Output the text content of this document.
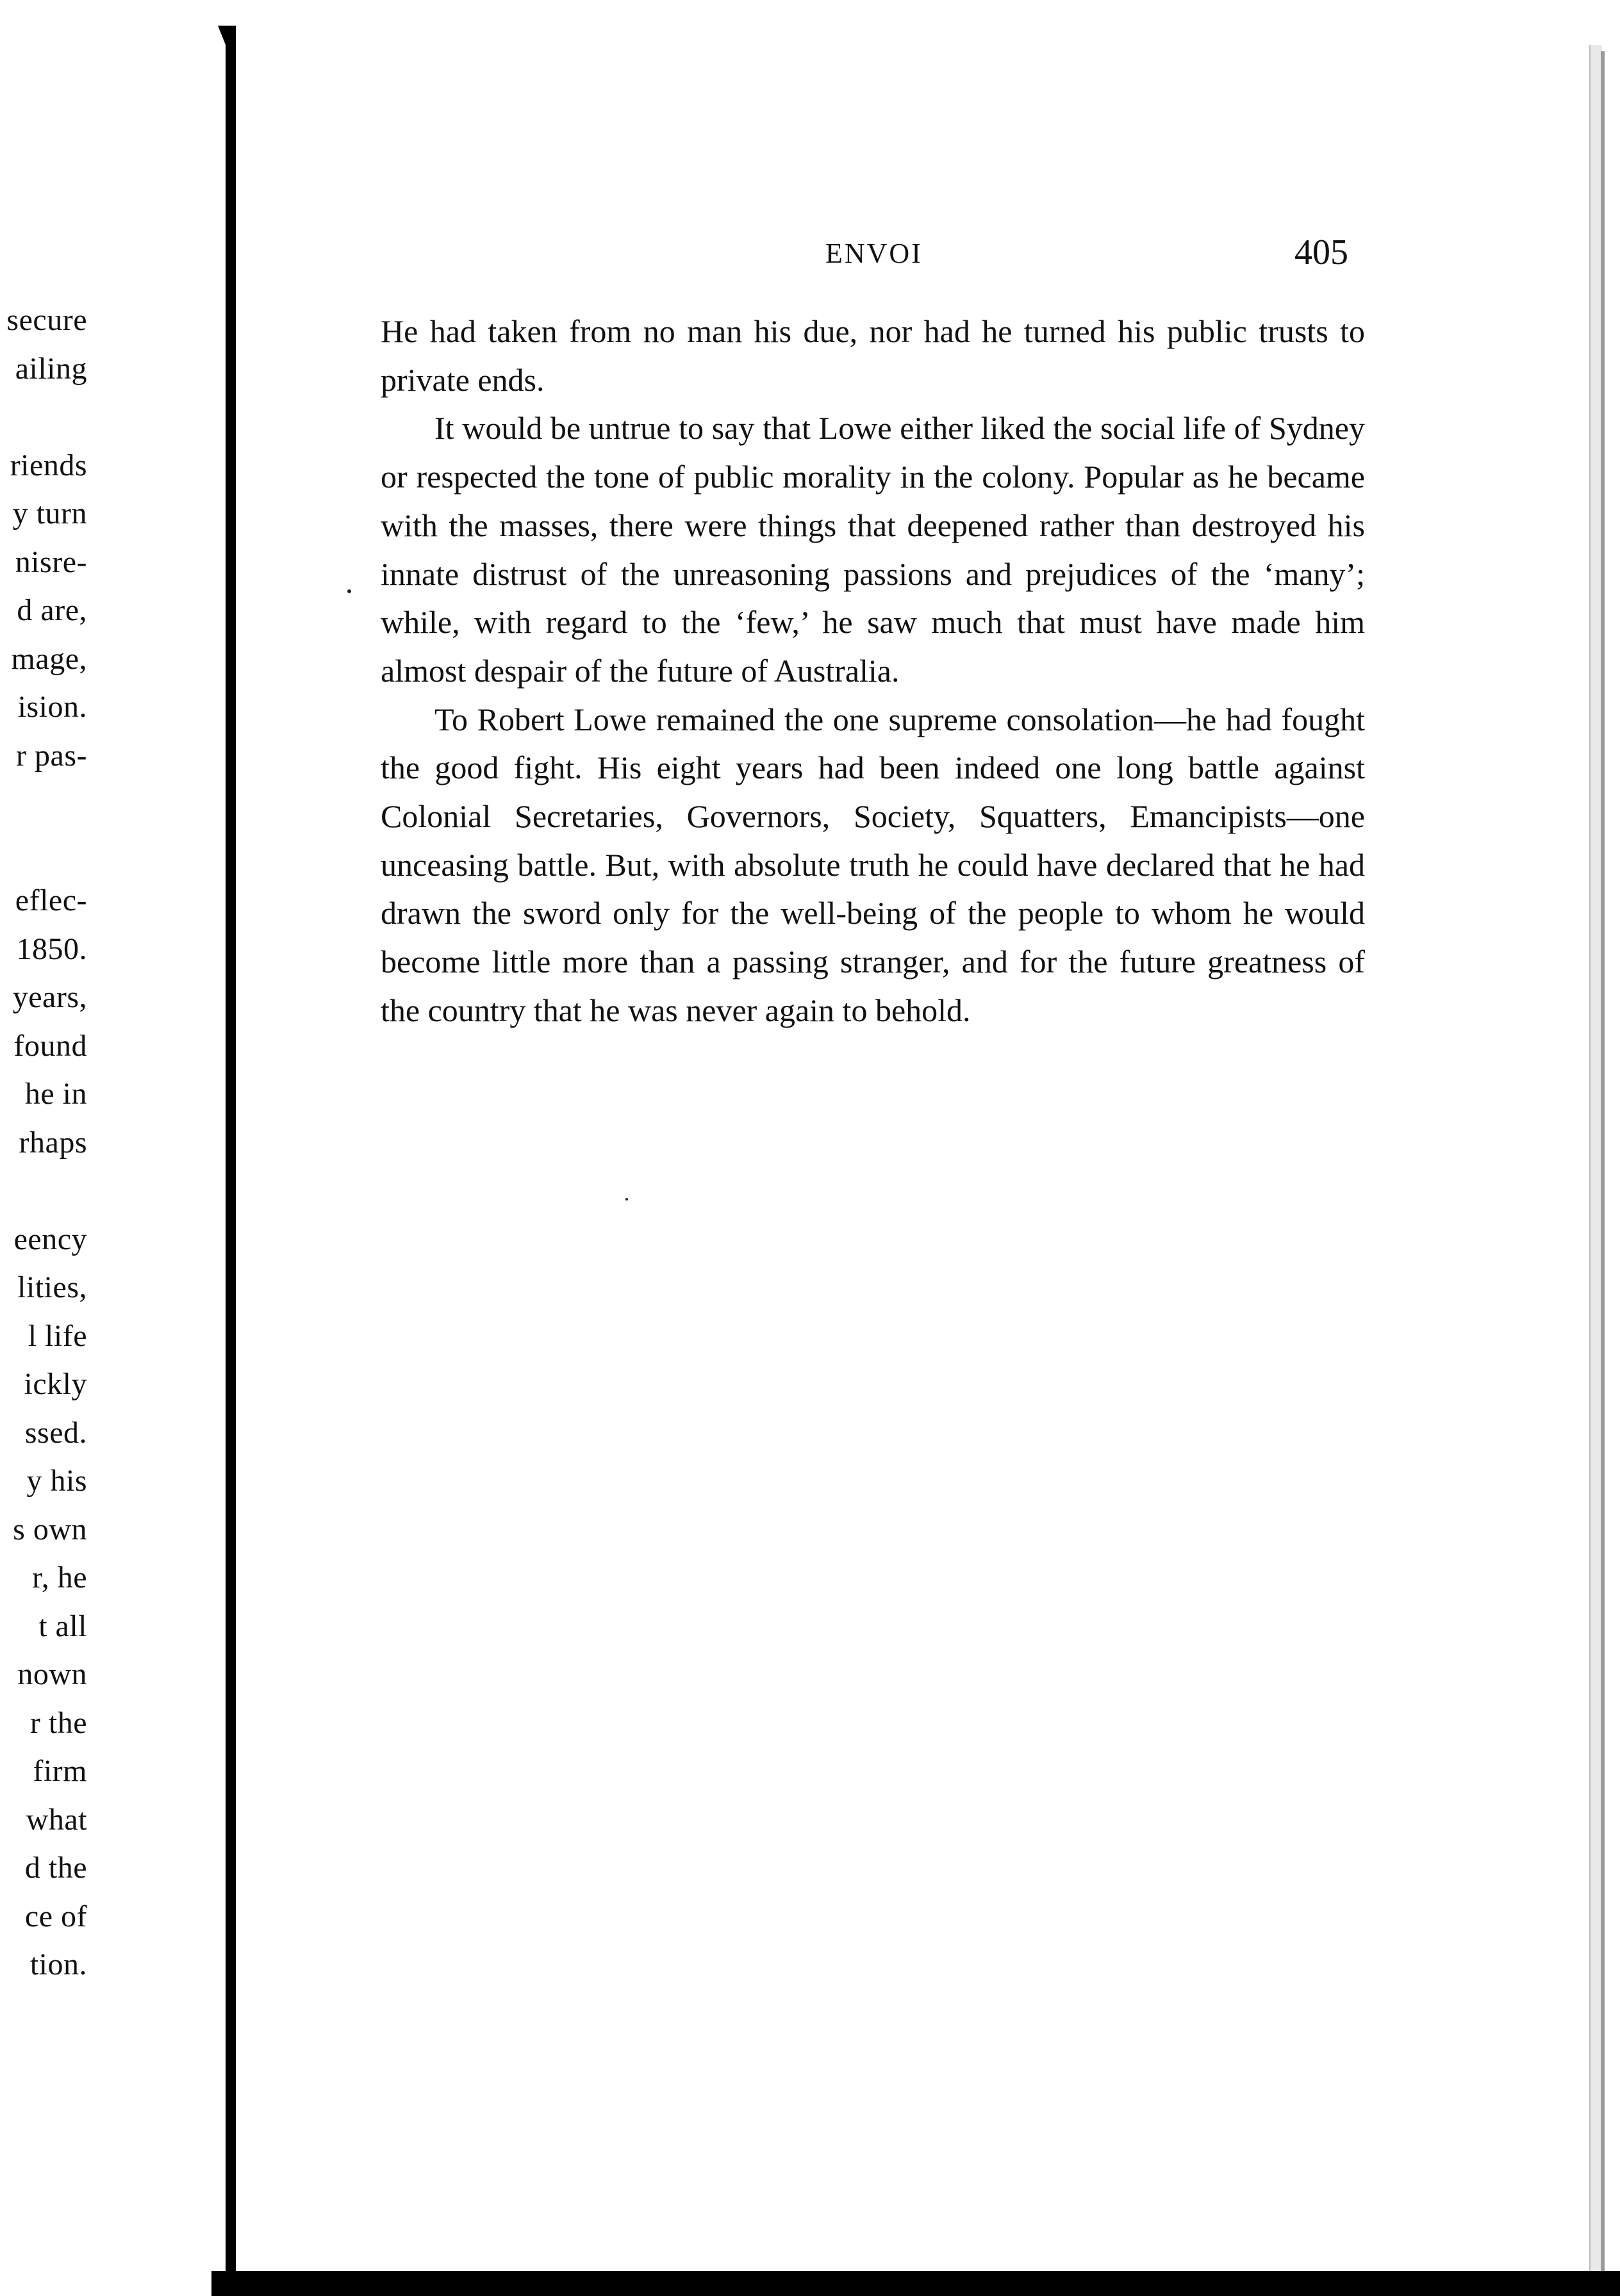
secure
ailing
riends
y turn
nisre-
d are,
mage,
ision.
r pas-
eflec-
1850.
years,
found
he in
rhaps
eency
lities,
l life
ickly
ssed.
y his
s own
r, he
t all
nown
r the
firm
what
d the
ce of
tion.
ENVOI	405

He had taken from no man his due, nor had he turned his public trusts to private ends.

It would be untrue to say that Lowe either liked the social life of Sydney or respected the tone of public morality in the colony. Popular as he became with the masses, there were things that deepened rather than destroyed his innate distrust of the unreasoning passions and prejudices of the ‘many’; while, with regard to the ‘few,’ he saw much that must have made him almost despair of the future of Australia.

To Robert Lowe remained the one supreme consolation—he had fought the good fight. His eight years had been indeed one long battle against Colonial Secretaries, Governors, Society, Squatters, Emancipists—one unceasing battle. But, with absolute truth he could have declared that he had drawn the sword only for the well-being of the people to whom he would become little more than a passing stranger, and for the future greatness of the country that he was never again to behold.
